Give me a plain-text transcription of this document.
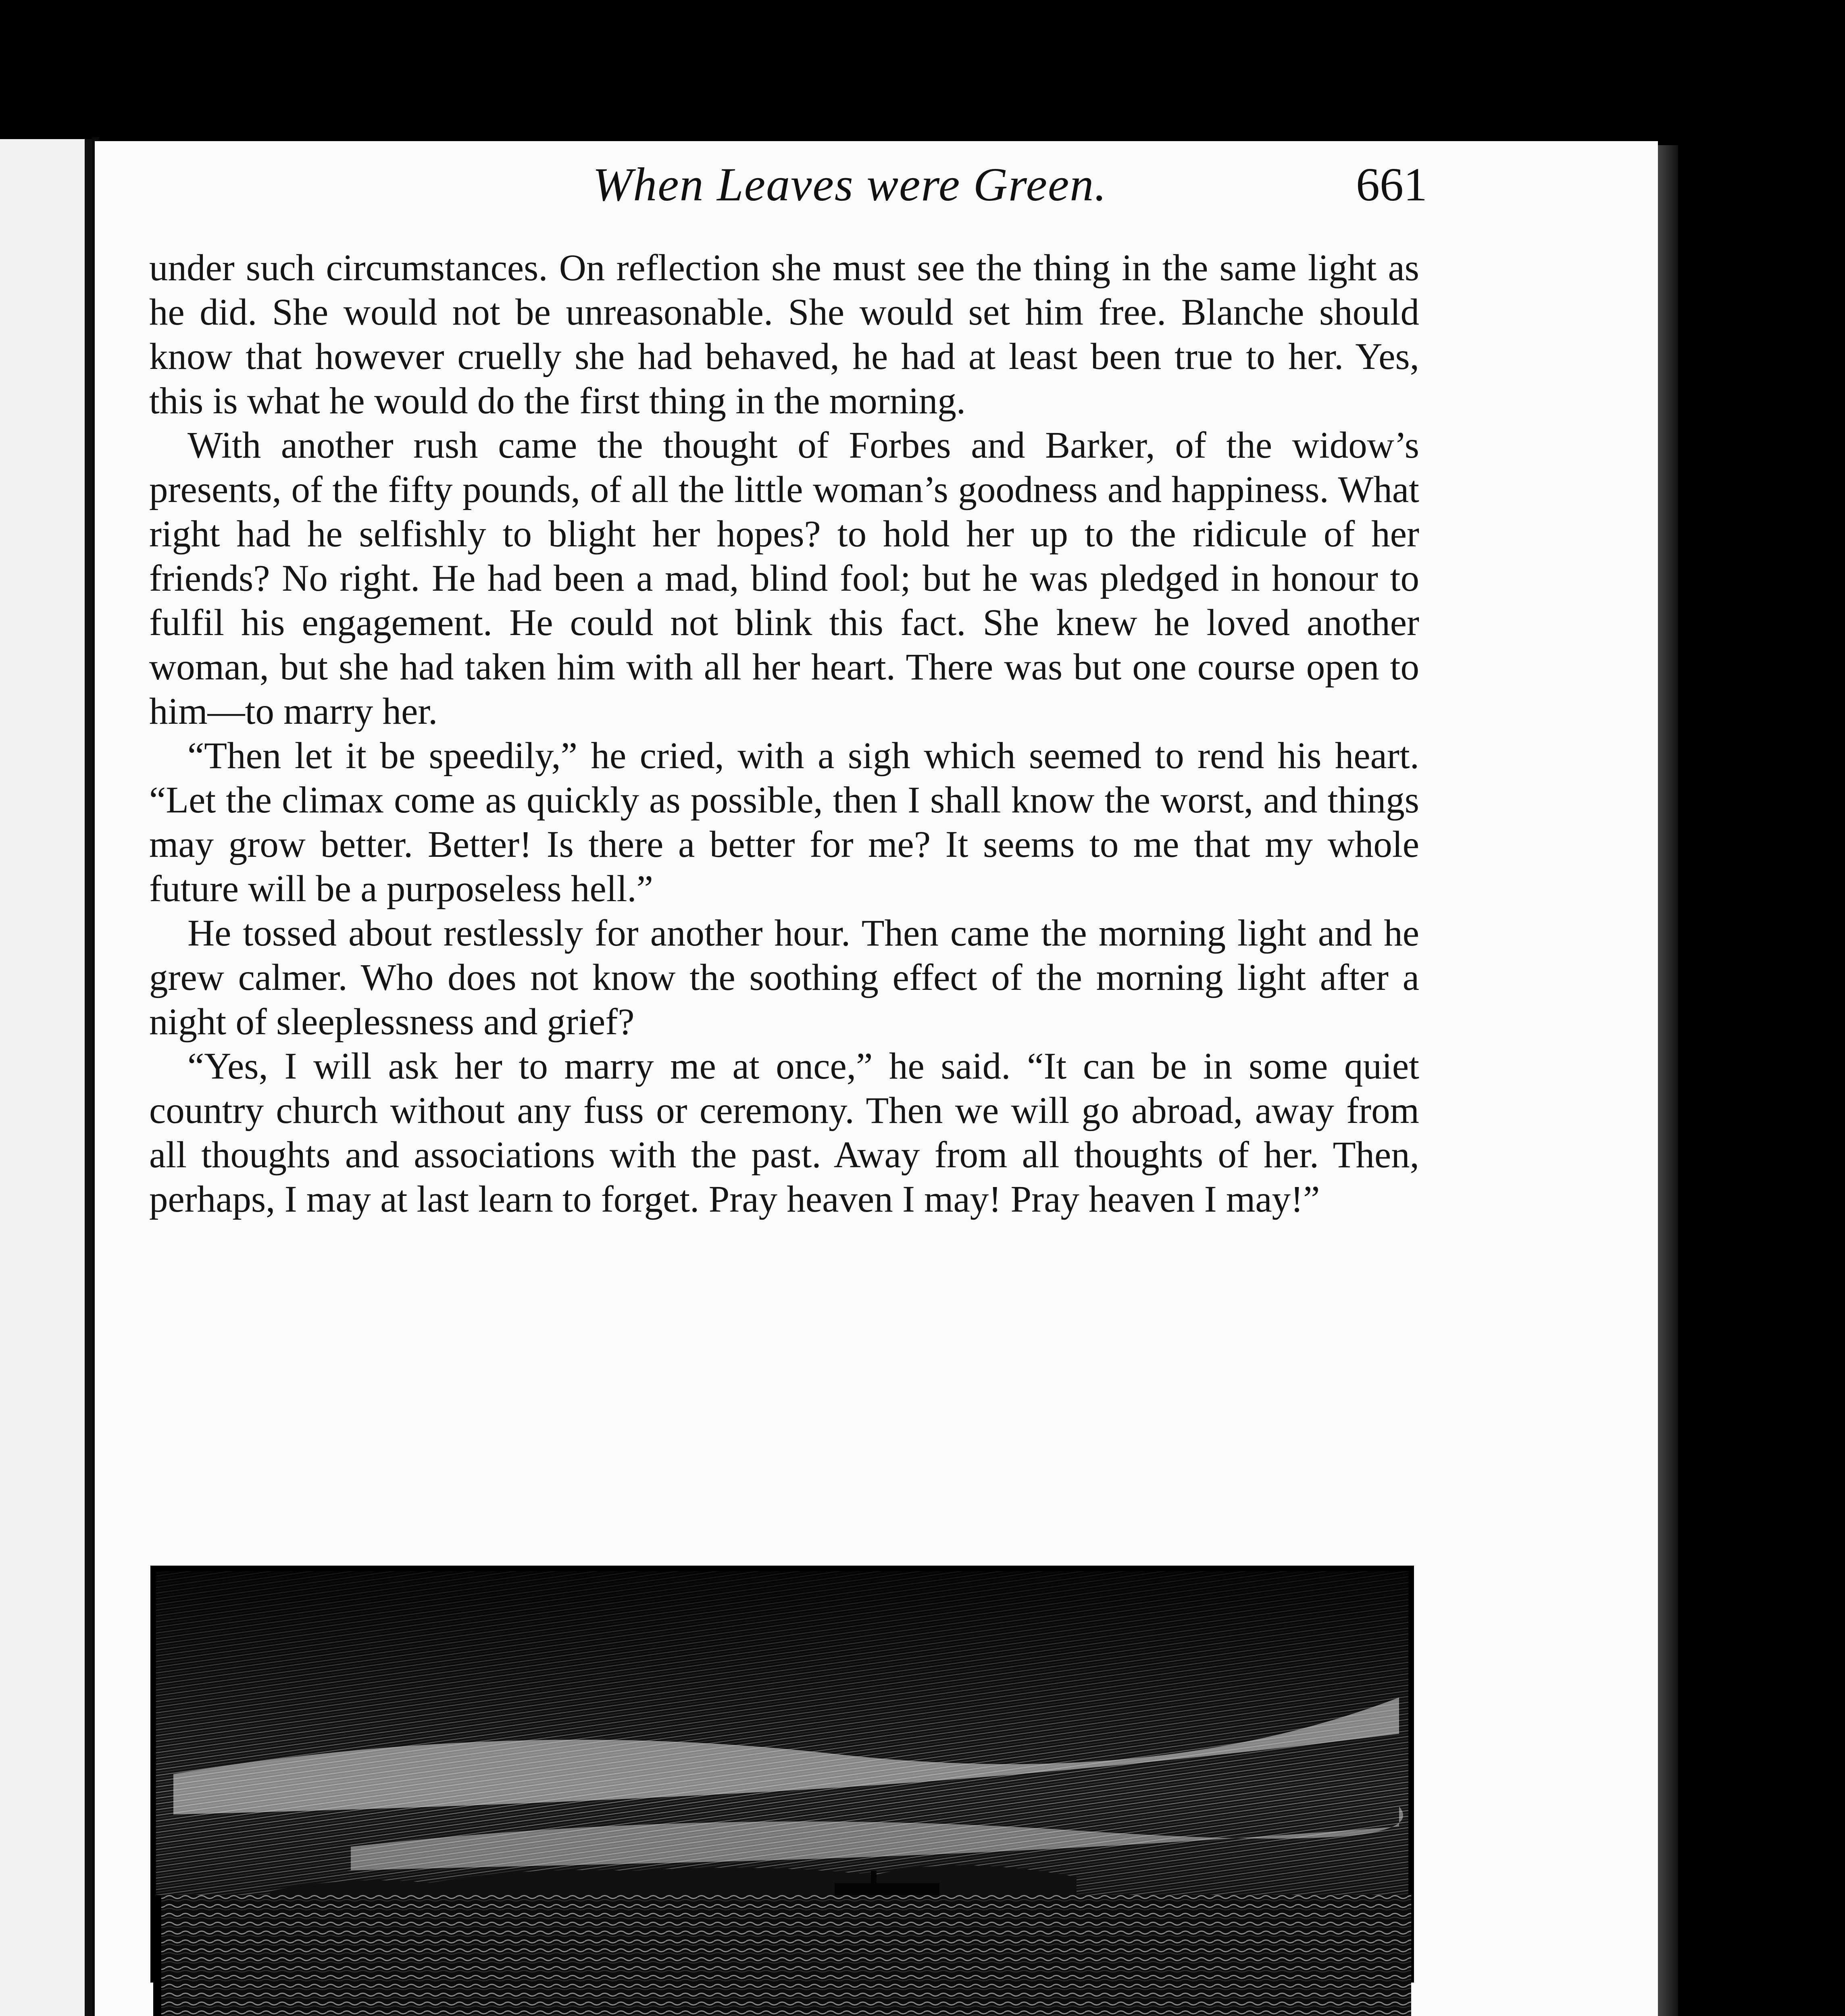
When Leaves were Green.	661

under such circumstances. On reflection she must see the thing in the same light as he did. She would not be unreasonable. She would set him free. Blanche should know that however cruelly she had behaved, he had at least been true to her. Yes, this is what he would do the first thing in the morning.

With another rush came the thought of Forbes and Barker, of the widow’s presents, of the fifty pounds, of all the little woman’s goodness and happiness. What right had he selfishly to blight her hopes? to hold her up to the ridicule of her friends? No right. He had been a mad, blind fool; but he was pledged in honour to fulfil his engagement. He could not blink this fact. She knew he loved another woman, but she had taken him with all her heart. There was but one course open to him—to marry her.

“Then let it be speedily,” he cried, with a sigh which seemed to rend his heart. “Let the climax come as quickly as possible, then I shall know the worst, and things may grow better. Better! Is there a better for me? It seems to me that my whole future will be a purposeless hell.”

He tossed about restlessly for another hour. Then came the morning light and he grew calmer. Who does not know the soothing effect of the morning light after a night of sleeplessness and grief?

“Yes, I will ask her to marry me at once,” he said. “It can be in some quiet country church without any fuss or ceremony. Then we will go abroad, away from all thoughts and associations with the past. Away from all thoughts of her. Then, perhaps, I may at last learn to forget. Pray heaven I may! Pray heaven I may!”
